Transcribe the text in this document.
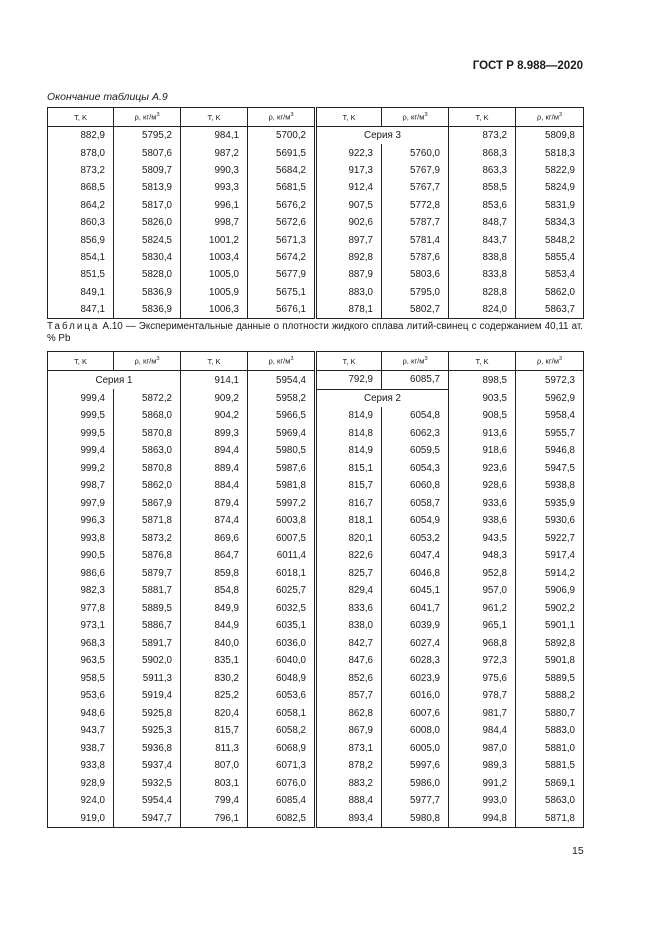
ГОСТ Р 8.988—2020
Окончание таблицы А.9
T, K	ρ, $кг/м^3$	T, K	ρ, $кг/м^3$	T, K	ρ, $кг/м^3$	T, K	ρ, $кг/м^3$
882,9	5795,2	984,1	5700,2	Серия 3		873,2	5809,8
878,0	5807,6	987,2	5691,5	922,3	5760,0	868,3	5818,3
873,2	5809,7	990,3	5684,2	917,3	5767,9	863,3	5822,9
868,5	5813,9	993,3	5681,5	912,4	5767,7	858,5	5824,9
864,2	5817,0	996,1	5676,2	907,5	5772,8	853,6	5831,9
860,3	5826,0	998,7	5672,6	902,6	5787,7	848,7	5834,3
856,9	5824,5	1001,2	5671,3	897,7	5781,4	843,7	5848,2
854,1	5830,4	1003,4	5674,2	892,8	5787,6	838,8	5855,4
851,5	5828,0	1005,0	5677,9	887,9	5803,6	833,8	5853,4
849,1	5836,9	1005,9	5675,1	883,0	5795,0	828,8	5862,0
847,1	5836,9	1006,3	5676,1	878,1	5802,7	824,0	5863,7
Таблица А.10 — Экспериментальные данные о плотности жидкого сплава литий-свинец с содержанием 40,11 ат. % Pb
T, K	ρ, $кг/м^3$	T, K	ρ, $кг/м^3$	T, K	ρ, $кг/м^3$	T, K	ρ, $кг/м^3$
Серия 1		914,1	5954,4	792,9	6085,7	898,5	5972,3
999,4	5872,2	909,2	5958,2	Серия 2		903,5	5962,9
999,5	5868,0	904,2	5966,5	814,9	6054,8	908,5	5958,4
999,5	5870,8	899,3	5969,4	814,8	6062,3	913,6	5955,7
999,4	5863,0	894,4	5980,5	814,9	6059,5	918,6	5946,8
999,2	5870,8	889,4	5987,6	815,1	6054,3	923,6	5947,5
998,7	5862,0	884,4	5981,8	815,7	6060,8	928,6	5938,8
997,9	5867,9	879,4	5997,2	816,7	6058,7	933,6	5935,9
996,3	5871,8	874,4	6003,8	818,1	6054,9	938,6	5930,6
993,8	5873,2	869,6	6007,5	820,1	6053,2	943,5	5922,7
990,5	5876,8	864,7	6011,4	822,6	6047,4	948,3	5917,4
986,6	5879,7	859,8	6018,1	825,7	6046,8	952,8	5914,2
982,3	5881,7	854,8	6025,7	829,4	6045,1	957,0	5906,9
977,8	5889,5	849,9	6032,5	833,6	6041,7	961,2	5902,2
973,1	5886,7	844,9	6035,1	838,0	6039,9	965,1	5901,1
968,3	5891,7	840,0	6036,0	842,7	6027,4	968,8	5892,8
963,5	5902,0	835,1	6040,0	847,6	6028,3	972,3	5901,8
958,5	5911,3	830,2	6048,9	852,6	6023,9	975,6	5889,5
953,6	5919,4	825,2	6053,6	857,7	6016,0	978,7	5888,2
948,6	5925,8	820,4	6058,1	862,8	6007,6	981,7	5880,7
943,7	5925,3	815,7	6058,2	867,9	6008,0	984,4	5883,0
938,7	5936,8	811,3	6068,9	873,1	6005,0	987,0	5881,0
933,8	5937,4	807,0	6071,3	878,2	5997,6	989,3	5881,5
928,9	5932,5	803,1	6076,0	883,2	5986,0	991,2	5869,1
924,0	5954,4	799,4	6085,4	888,4	5977,7	993,0	5863,0
919,0	5947,7	796,1	6082,5	893,4	5980,8	994,8	5871,8
15
